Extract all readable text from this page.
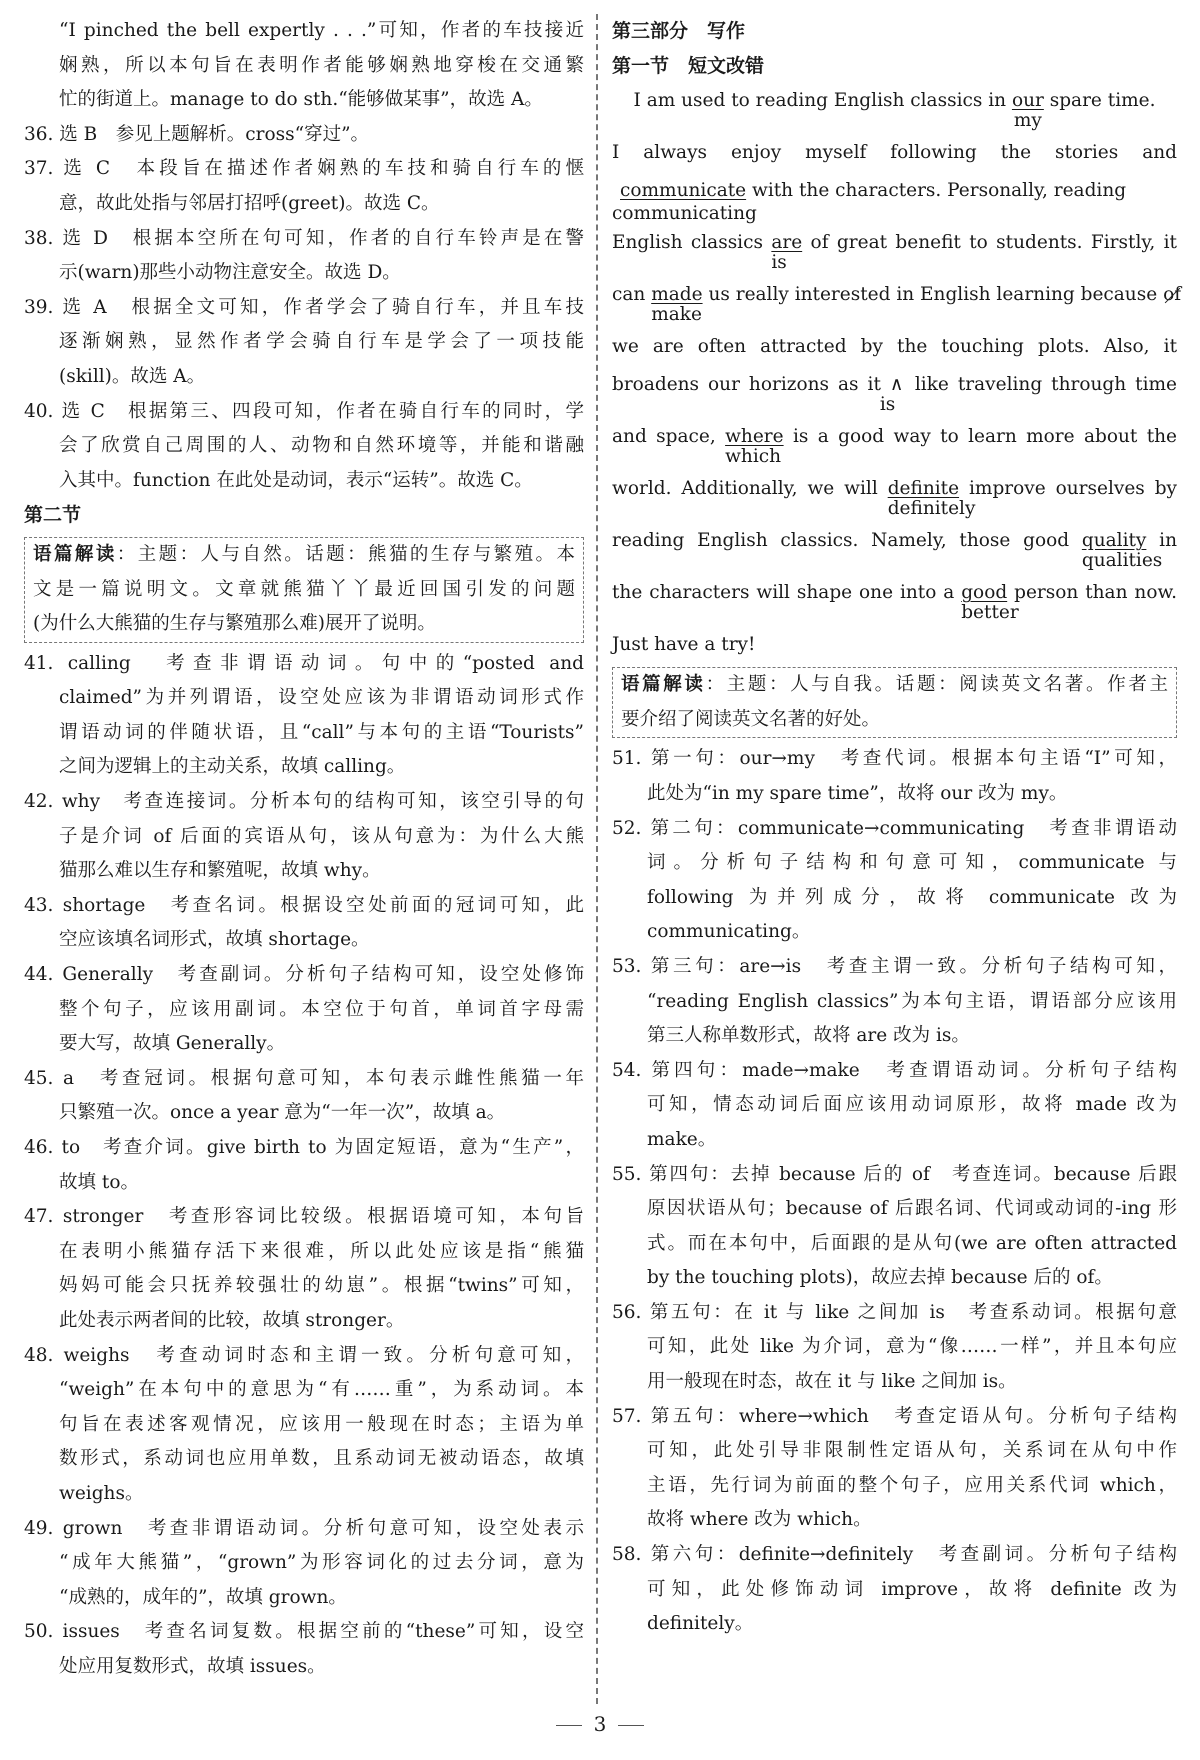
“I pinched the bell expertly . . .”可知，作者的车技接近
娴熟，所以本句旨在表明作者能够娴熟地穿梭在交通繁
忙的街道上。manage to do sth.“能够做某事”，故选 A。
36. 选 B　参见上题解析。cross“穿过”。
37. 选 C　本段旨在描述作者娴熟的车技和骑自行车的惬
意，故此处指与邻居打招呼(greet)。故选 C。
38. 选 D　根据本空所在句可知，作者的自行车铃声是在警
示(warn)那些小动物注意安全。故选 D。
39. 选 A　根据全文可知，作者学会了骑自行车，并且车技
逐渐娴熟，显然作者学会骑自行车是学会了一项技能
(skill)。故选 A。
40. 选 C　根据第三、四段可知，作者在骑自行车的同时，学
会了欣赏自己周围的人、动物和自然环境等，并能和谐融
入其中。function 在此处是动词，表示“运转”。故选 C。
第二节
语篇解读：主题：人与自然。话题：熊猫的生存与繁殖。本
文是一篇说明文。文章就熊猫丫丫最近回国引发的问题
(为什么大熊猫的生存与繁殖那么难)展开了说明。
41. calling　考查非谓语动词。句中的“posted and
claimed”为并列谓语，设空处应该为非谓语动词形式作
谓语动词的伴随状语，且“call”与本句的主语“Tourists”
之间为逻辑上的主动关系，故填 calling。
42. why　考查连接词。分析本句的结构可知，该空引导的句
子是介词 of 后面的宾语从句，该从句意为：为什么大熊
猫那么难以生存和繁殖呢，故填 why。
43. shortage　考查名词。根据设空处前面的冠词可知，此
空应该填名词形式，故填 shortage。
44. Generally　考查副词。分析句子结构可知，设空处修饰
整个句子，应该用副词。本空位于句首，单词首字母需
要大写，故填 Generally。
45. a　考查冠词。根据句意可知，本句表示雌性熊猫一年
只繁殖一次。once a year 意为“一年一次”，故填 a。
46. to　考查介词。give birth to 为固定短语，意为“生产”，
故填 to。
47. stronger　考查形容词比较级。根据语境可知，本句旨
在表明小熊猫存活下来很难，所以此处应该是指“熊猫
妈妈可能会只抚养较强壮的幼崽”。根据“twins”可知，
此处表示两者间的比较，故填 stronger。
48. weighs　考查动词时态和主谓一致。分析句意可知，
“weigh”在本句中的意思为“有……重”，为系动词。本
句旨在表述客观情况，应该用一般现在时态；主语为单
数形式，系动词也应用单数，且系动词无被动语态，故填
weighs。
49. grown　考查非谓语动词。分析句意可知，设空处表示
“成年大熊猫”，“grown”为形容词化的过去分词，意为
“成熟的，成年的”，故填 grown。
50. issues　考查名词复数。根据空前的“these”可知，设空
处应用复数形式，故填 issues。
第三部分　写作
第一节　短文改错
I am used to reading English classics in our
my
spare time.
I always enjoy myself following the stories and
communicate with the characters. Personally, reading
communicating
English classics are
is
of great benefit to students. Firstly, it
can made
make
us really interested in English learning because of
we are often attracted by the touching plots. Also, it
broadens our horizons as it ∧
is
like traveling through time
and space, where
which
is a good way to learn more about the
world. Additionally, we will definite
definitely
improve ourselves by
reading English classics. Namely, those good quality
qualities
in
the characters will shape one into a good
better
person than now.
Just have a try!
语篇解读：主题：人与自我。话题：阅读英文名著。作者主
要介绍了阅读英文名著的好处。
51. 第一句：our→my　考查代词。根据本句主语“I”可知，
此处为“in my spare time”，故将 our 改为 my。
52. 第二句：communicate→communicating　考查非谓语动
词。分析句子结构和句意可知，communicate 与
following 为并列成分，故将 communicate 改为
communicating。
53. 第三句：are→is　考查主谓一致。分析句子结构可知，
“reading English classics”为本句主语，谓语部分应该用
第三人称单数形式，故将 are 改为 is。
54. 第四句：made→make　考查谓语动词。分析句子结构
可知，情态动词后面应该用动词原形，故将 made 改为
make。
55. 第四句：去掉 because 后的 of　考查连词。because 后跟
原因状语从句；because of 后跟名词、代词或动词的-ing 形
式。而在本句中，后面跟的是从句(we are often attracted
by the touching plots)，故应去掉 because 后的 of。
56. 第五句：在 it 与 like 之间加 is　考查系动词。根据句意
可知，此处 like 为介词，意为“像……一样”，并且本句应
用一般现在时态，故在 it 与 like 之间加 is。
57. 第五句：where→which　考查定语从句。分析句子结构
可知，此处引导非限制性定语从句，关系词在从句中作
主语，先行词为前面的整个句子，应用关系代词 which，
故将 where 改为 which。
58. 第六句：definite→definitely　考查副词。分析句子结构
可知，此处修饰动词 improve，故将 definite 改为
definitely。
3
